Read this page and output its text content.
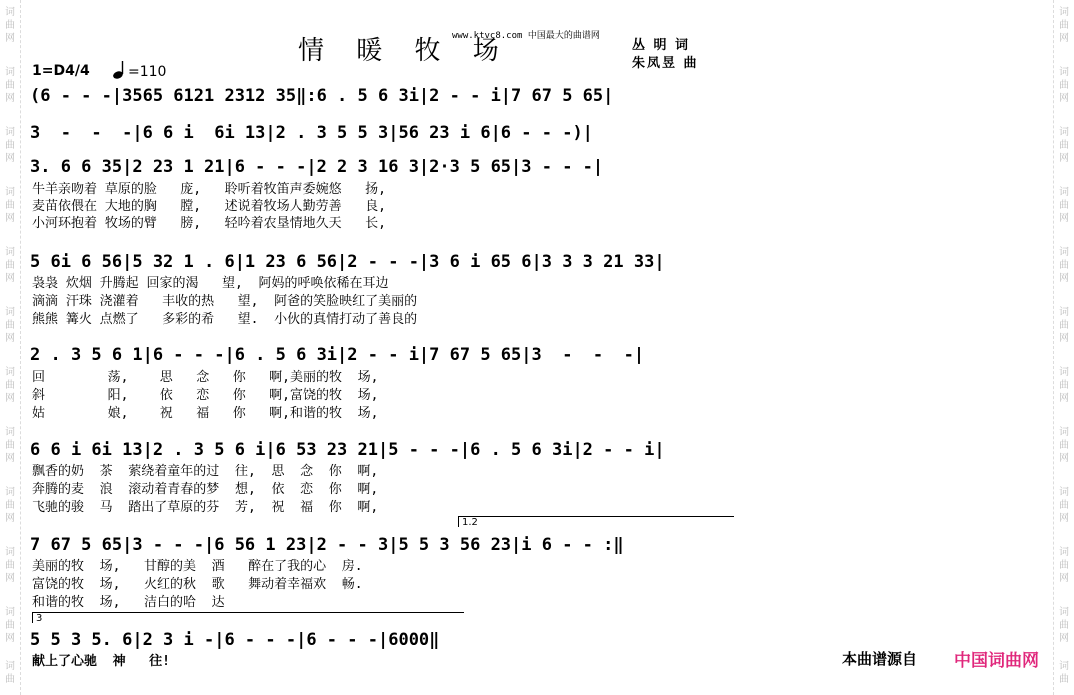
词
曲
网
词
曲
网
词
曲
网
词
曲
网
词
曲
网
词
曲
网
词
曲
网
词
曲
网
词
曲
网
词
曲
网
词
曲
网
词
曲
词
曲
网
词
曲
网
词
曲
网
词
曲
网
词
曲
网
词
曲
网
词
曲
网
词
曲
网
词
曲
网
词
曲
网
词
曲
网
词
曲
情 暖 牧 场
www.ktvc8.com 中国最大的曲谱网
丛 明 词
朱凤昱 曲
1=D4/4	=110
(6 - - -|3565 6121 2312 35‖:6 . 5 6 3i|2 - - i|7 67 5 65|
3  -  -  -|6 6 i  6i 13|2 . 3 5 5 3|56 23 i 6|6 - - -)|
3. 6 6 35|2 23 1 21|6 - - -|2 2 3 16 3|2·3 5 65|3 - - -|
牛羊亲吻着 草原的脸   庞,   聆听着牧笛声委婉悠   扬,
麦苗依偎在 大地的胸   膛,   述说着牧场人勤劳善   良,
小河环抱着 牧场的臂   膀,   轻吟着农垦情地久天   长,
5 6i 6 56|5 32 1 . 6|1 23 6 56|2 - - -|3 6 i 65 6|3 3 3 21 33|
袅袅 炊烟 升腾起 回家的渴   望,  阿妈的呼唤依稀在耳边
滴滴 汗珠 浇灌着   丰收的热   望,  阿爸的笑脸映红了美丽的
熊熊 篝火 点燃了   多彩的希   望.  小伙的真情打动了善良的
2 . 3 5 6 1|6 - - -|6 . 5 6 3i|2 - - i|7 67 5 65|3  -  -  -|
回        荡,    思   念   你   啊,美丽的牧  场,
斜        阳,    依   恋   你   啊,富饶的牧  场,
姑        娘,    祝   福   你   啊,和谐的牧  场,
6 6 i 6i 13|2 . 3 5 6 i|6 53 23 21|5 - - -|6 . 5 6 3i|2 - - i|
飘香的奶  茶  萦绕着童年的过  往,  思  念  你  啊,
奔腾的麦  浪  滚动着青春的梦  想,  依  恋  你  啊,
飞驰的骏  马  踏出了草原的芬  芳,  祝  福  你  啊,
1.2
7 67 5 65|3 - - -|6 56 1 23|2 - - 3|5 5 3 56 23|i 6 - - :‖
美丽的牧  场,   甘醇的美  酒   醉在了我的心  房.
富饶的牧  场,   火红的秋  歌   舞动着幸福欢  畅.
和谐的牧  场,   洁白的哈  达
3
5 5 3 5. 6|2 3 i -|6 - - -|6 - - -|6000‖
献上了心驰  神   往!	本曲谱源自 中国词曲网
